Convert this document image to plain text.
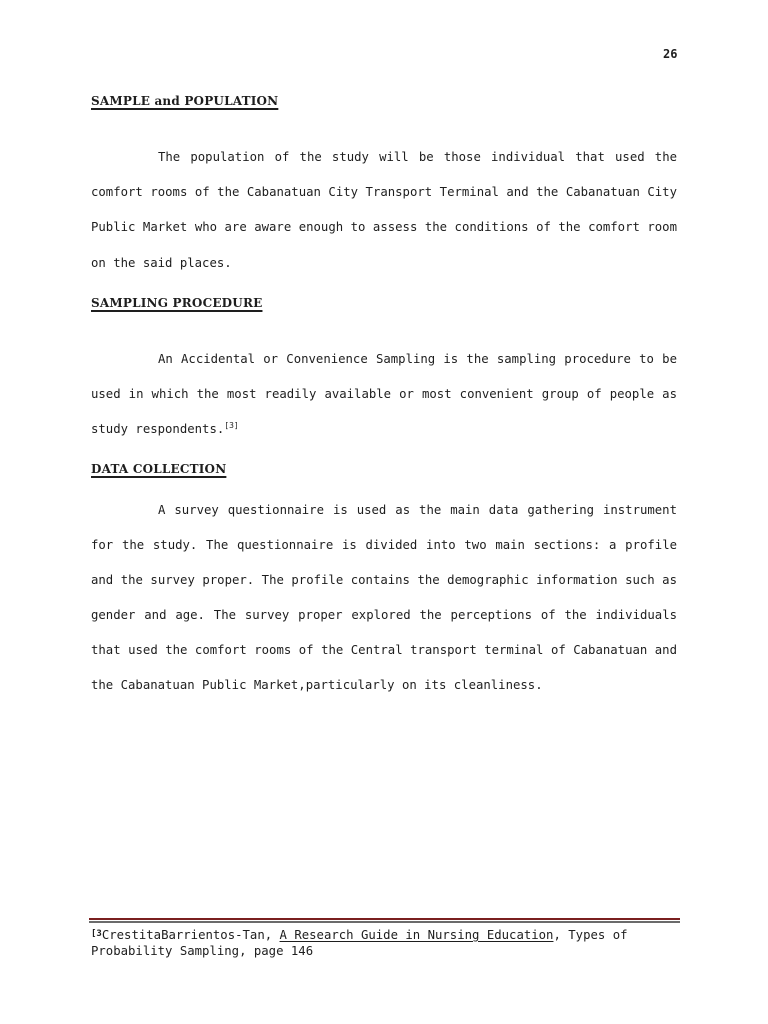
26
SAMPLE and POPULATION

The population of the study will be those individual that used the comfort rooms of the Cabanatuan City Transport Terminal and the Cabanatuan City Public Market who are aware enough to assess the conditions of the comfort room on the said places.

SAMPLING PROCEDURE

An Accidental or Convenience Sampling is the sampling procedure to be used in which the most readily available or most convenient group of people as study respondents.[3]

DATA COLLECTION

A survey questionnaire is used as the main data gathering instrument for the study. The questionnaire is divided into two main sections: a profile and the survey proper. The profile contains the demographic information such as gender and age. The survey proper explored the perceptions of the individuals that used the comfort rooms of the Central transport terminal of Cabanatuan and the Cabanatuan Public Market,particularly on its cleanliness.

$^{[3}$CrestitaBarrientos-Tan, A Research Guide in Nursing Education, Types of Probability Sampling, page 146
